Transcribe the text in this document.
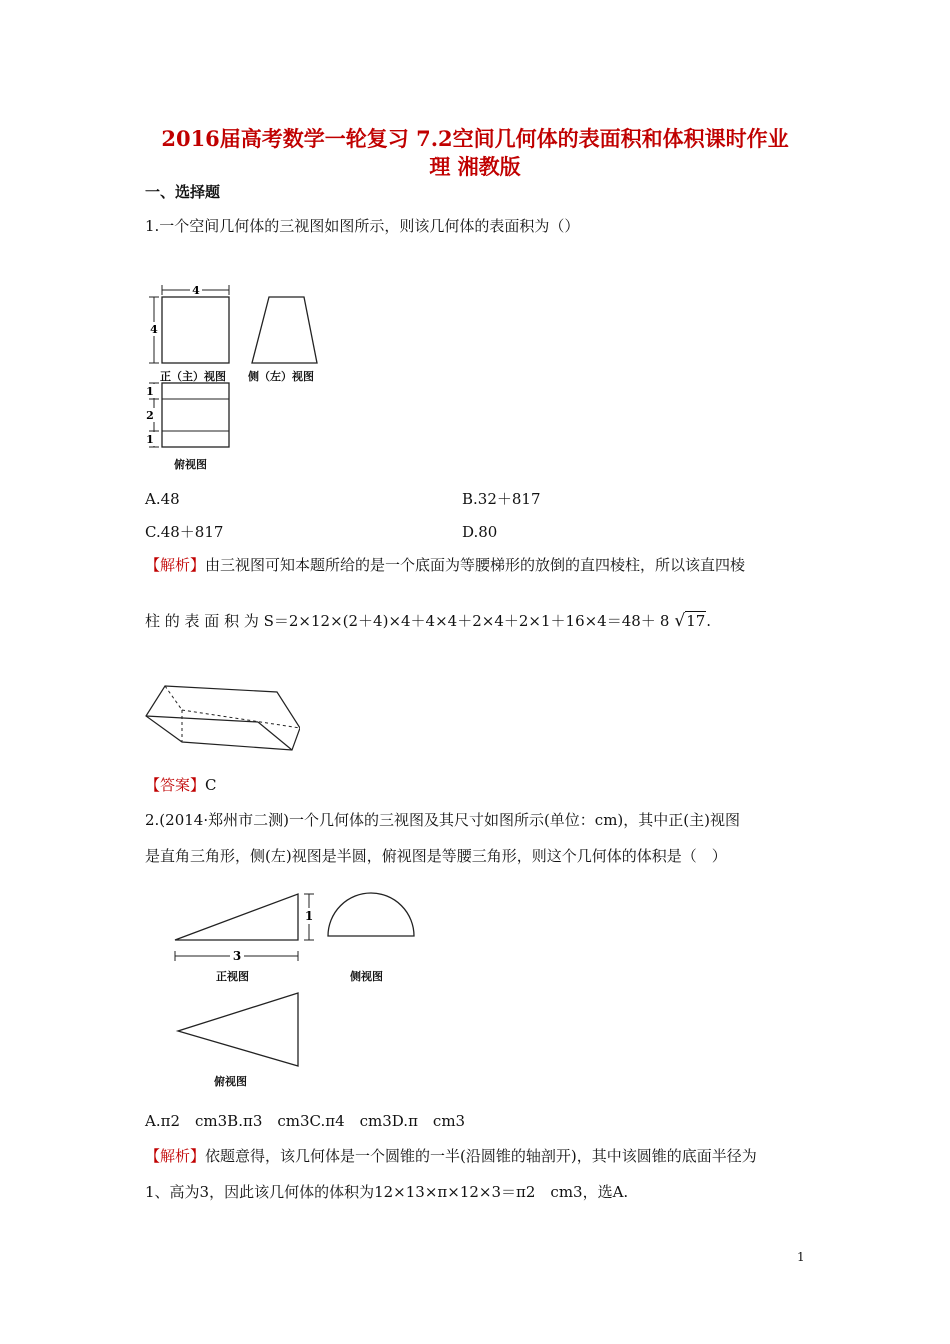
2016届高考数学一轮复习 7.2空间几何体的表面积和体积课时作业
理 湘教版
一、选择题
1.一个空间几何体的三视图如图所示，则该几何体的表面积为（）
4
4
1
2
1
正（主）视图 侧（左）视图
俯视图
A.48	B.32＋817
C.48＋817	D.80
【解析】由三视图可知本题所给的是一个底面为等腰梯形的放倒的直四棱柱，所以该直四棱
柱 的 表 面 积 为 S＝2×12×(2＋4)×4＋4×4＋2×4＋2×1＋16×4＝48＋ 8 √17.
【答案】C
2.(2014·郑州市二测)一个几何体的三视图及其尺寸如图所示(单位：cm)，其中正(主)视图
是直角三角形，侧(左)视图是半圆，俯视图是等腰三角形，则这个几何体的体积是（　）
1
3
正视图	侧视图
俯视图
A.π2　cm3B.π3　cm3C.π4　cm3D.π　cm3
【解析】依题意得，该几何体是一个圆锥的一半(沿圆锥的轴剖开)，其中该圆锥的底面半径为
1、高为3，因此该几何体的体积为12×13×π×12×3＝π2　cm3，选A.
1
